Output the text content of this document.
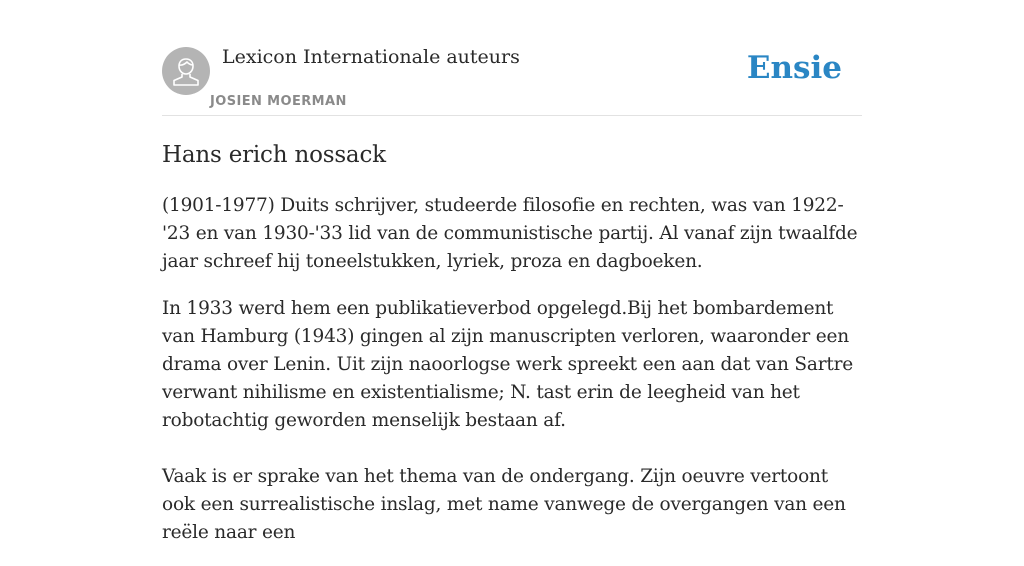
Lexicon Internationale auteurs
JOSIEN MOERMAN
Ensie
Hans erich nossack

(1901-1977) Duits schrijver, studeerde filosofie en rechten, was van 1922-'23 en van 1930-'33 lid van de communistische partij. Al vanaf zijn twaalfde jaar schreef hij toneelstukken, lyriek, proza en dagboeken.

In 1933 werd hem een publikatieverbod opgelegd.Bij het bombardement van Hamburg (1943) gingen al zijn manuscripten verloren, waaronder een drama over Lenin. Uit zijn naoorlogse werk spreekt een aan dat van Sartre verwant nihilisme en existentialisme; N. tast erin de leegheid van het robotachtig geworden menselijk bestaan af.

Vaak is er sprake van het thema van de ondergang. Zijn oeuvre vertoont ook een surrealistische inslag, met name vanwege de overgangen van een reële naar een
